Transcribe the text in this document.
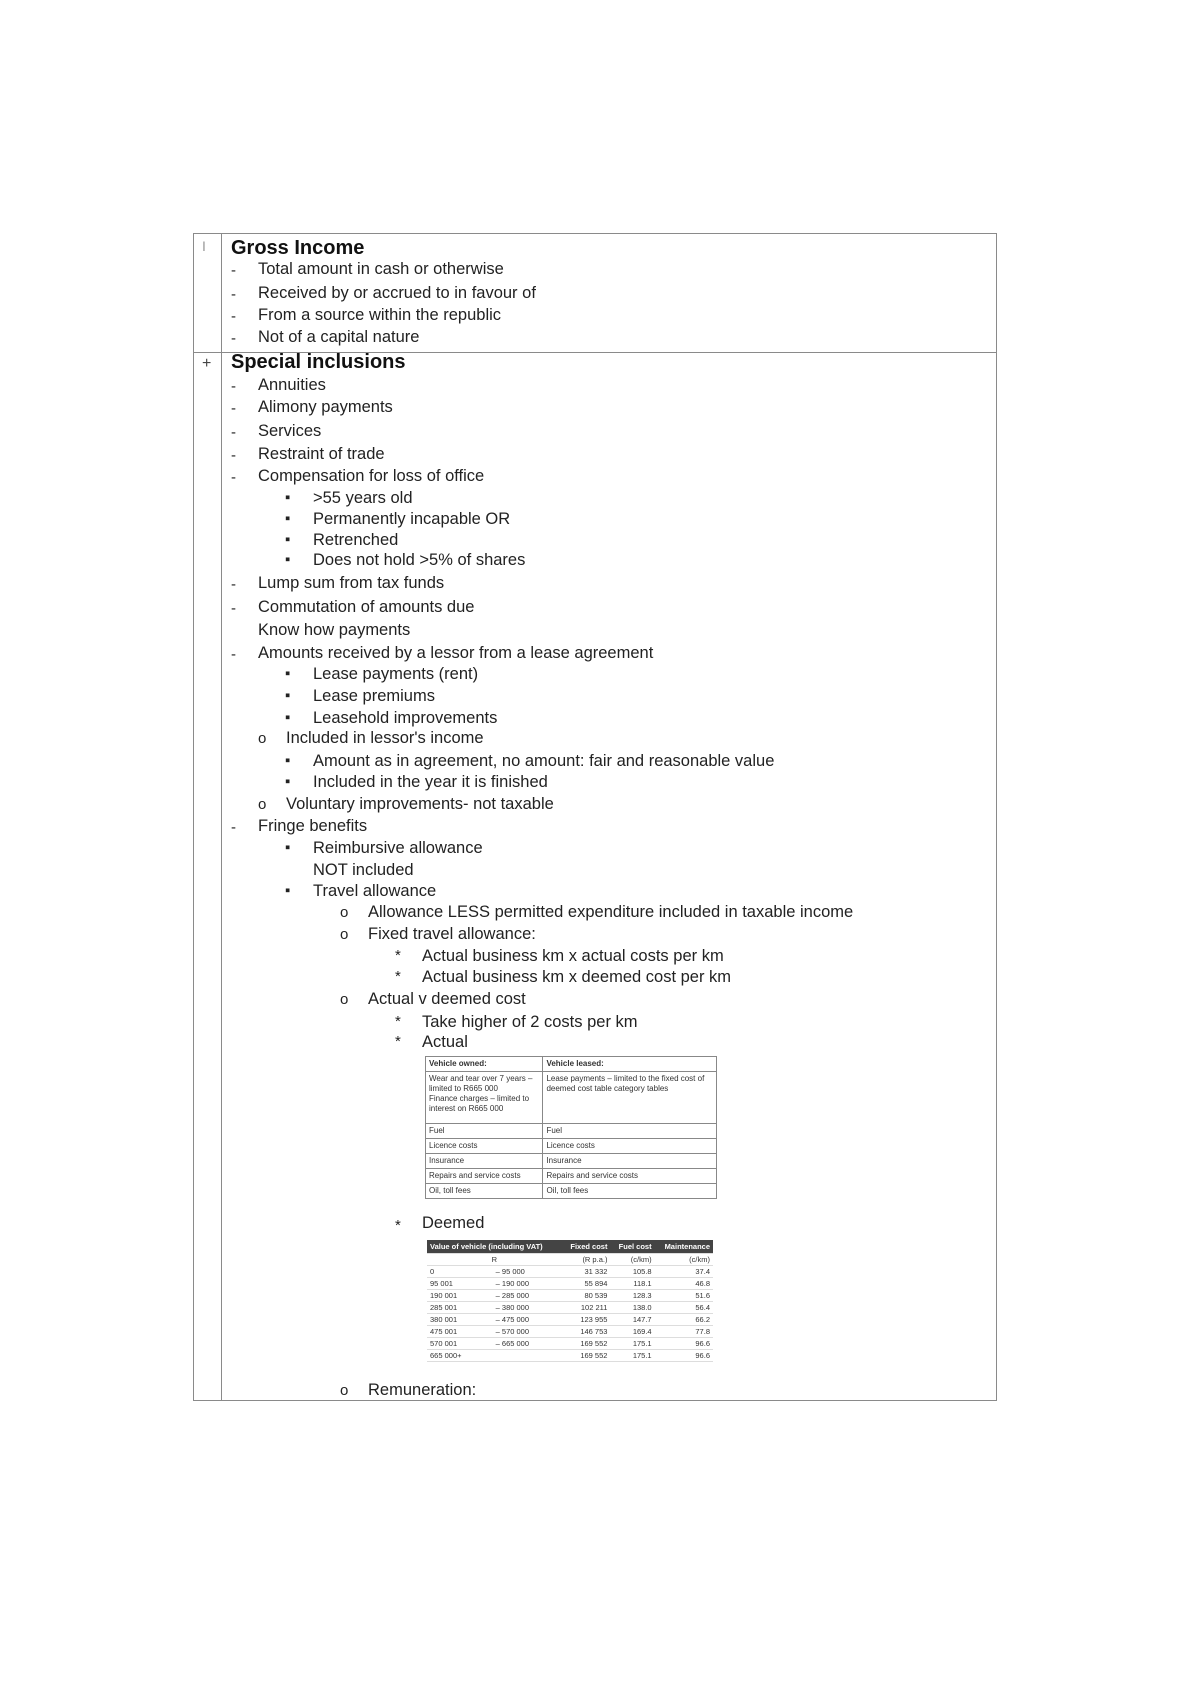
I
+
Gross Income
- Total amount in cash or otherwise
- Received by or accrued to in favour of
- From a source within the republic
- Not of a capital nature
Special inclusions
- Annuities
- Alimony payments
- Services
- Restraint of trade
- Compensation for loss of office
▪ >55 years old
▪ Permanently incapable OR
▪ Retrenched
▪ Does not hold >5% of shares
- Lump sum from tax funds
- Commutation of amounts due
Know how payments
- Amounts received by a lessor from a lease agreement
▪ Lease payments (rent)
▪ Lease premiums
▪ Leasehold improvements
o Included in lessor's income
▪ Amount as in agreement, no amount: fair and reasonable value
▪ Included in the year it is finished
o Voluntary improvements- not taxable
- Fringe benefits
▪ Reimbursive allowance
NOT included
▪ Travel allowance
o Allowance LESS permitted expenditure included in taxable income
o Fixed travel allowance:
* Actual business km x actual costs per km
* Actual business km x deemed cost per km
o Actual v deemed cost
* Take higher of 2 costs per km
* Actual
Vehicle owned:	Vehicle leased:
Wear and tear over 7 years – limited to R665 000
Finance charges – limited to interest on R665 000	Lease payments – limited to the fixed cost of deemed cost table category tables
Fuel	Fuel
Licence costs	Licence costs
Insurance	Insurance
Repairs and service costs	Repairs and service costs
Oil, toll fees	Oil, toll fees
* Deemed
Value of vehicle (including VAT)		Fixed cost	Fuel cost	Maintenance
R		(R p.a.)	(c/km)	(c/km)
0	– 95 000	31 332	105.8	37.4
95 001	– 190 000	55 894	118.1	46.8
190 001	– 285 000	80 539	128.3	51.6
285 001	– 380 000	102 211	138.0	56.4
380 001	– 475 000	123 955	147.7	66.2
475 001	– 570 000	146 753	169.4	77.8
570 001	– 665 000	169 552	175.1	96.6
665 000+		169 552	175.1	96.6
o Remuneration:
